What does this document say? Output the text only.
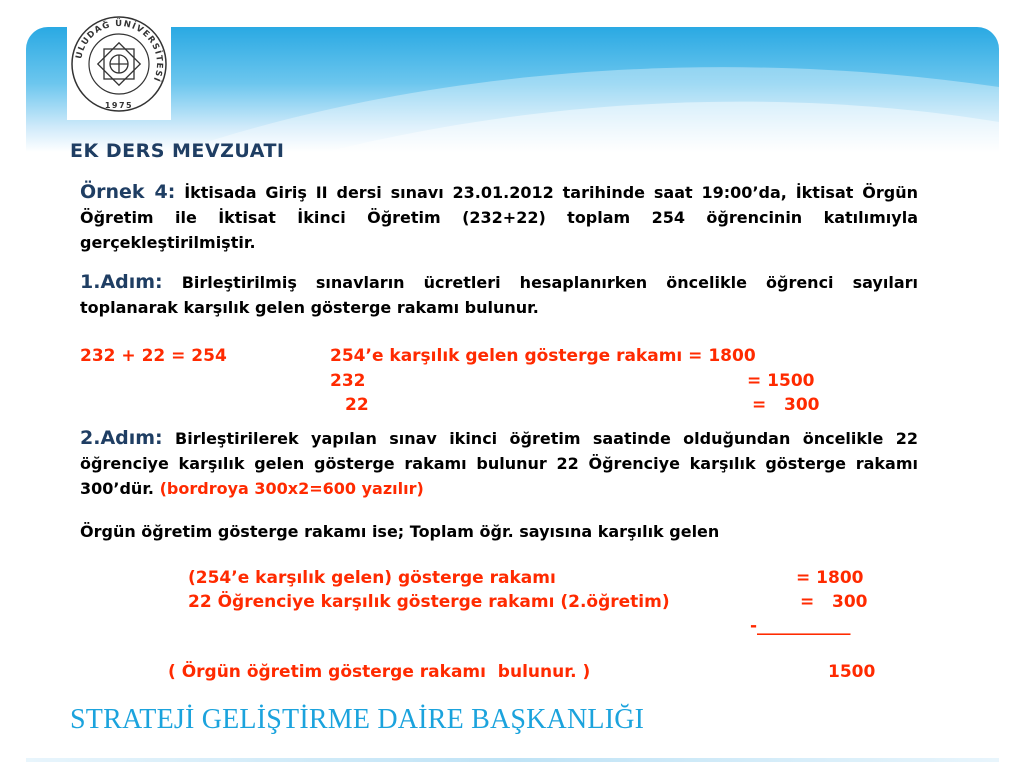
ULUDAĞ ÜNİVERSİTESİ
1975
EK DERS MEVZUATI
Örnek 4: İktisada Giriş II dersi sınavı 23.01.2012 tarihinde saat 19:00’da, İktisat Örgün Öğretim ile İktisat İkinci Öğretim (232+22) toplam 254 öğrencinin katılımıyla gerçekleştirilmiştir.
1.Adım: Birleştirilmiş sınavların ücretleri hesaplanırken öncelikle öğrenci sayıları toplanarak karşılık gelen gösterge rakamı bulunur.
232 + 22 = 254	254’e karşılık gelen gösterge rakamı = 1800
232	= 1500
22	=   300
2.Adım: Birleştirilerek yapılan sınav ikinci öğretim saatinde olduğundan öncelikle 22 öğrenciye karşılık gelen gösterge rakamı bulunur 22 Öğrenciye karşılık gösterge rakamı 300’dür. (bordroya 300x2=600 yazılır)
Örgün öğretim gösterge rakamı ise; Toplam öğr. sayısına karşılık gelen
(254’e karşılık gelen) gösterge rakamı	= 1800
22 Öğrenciye karşılık gösterge rakamı (2.öğretim)	=   300
-___________
( Örgün öğretim gösterge rakamı  bulunur. )	1500
STRATEJİ GELİŞTİRME DAİRE BAŞKANLIĞI
